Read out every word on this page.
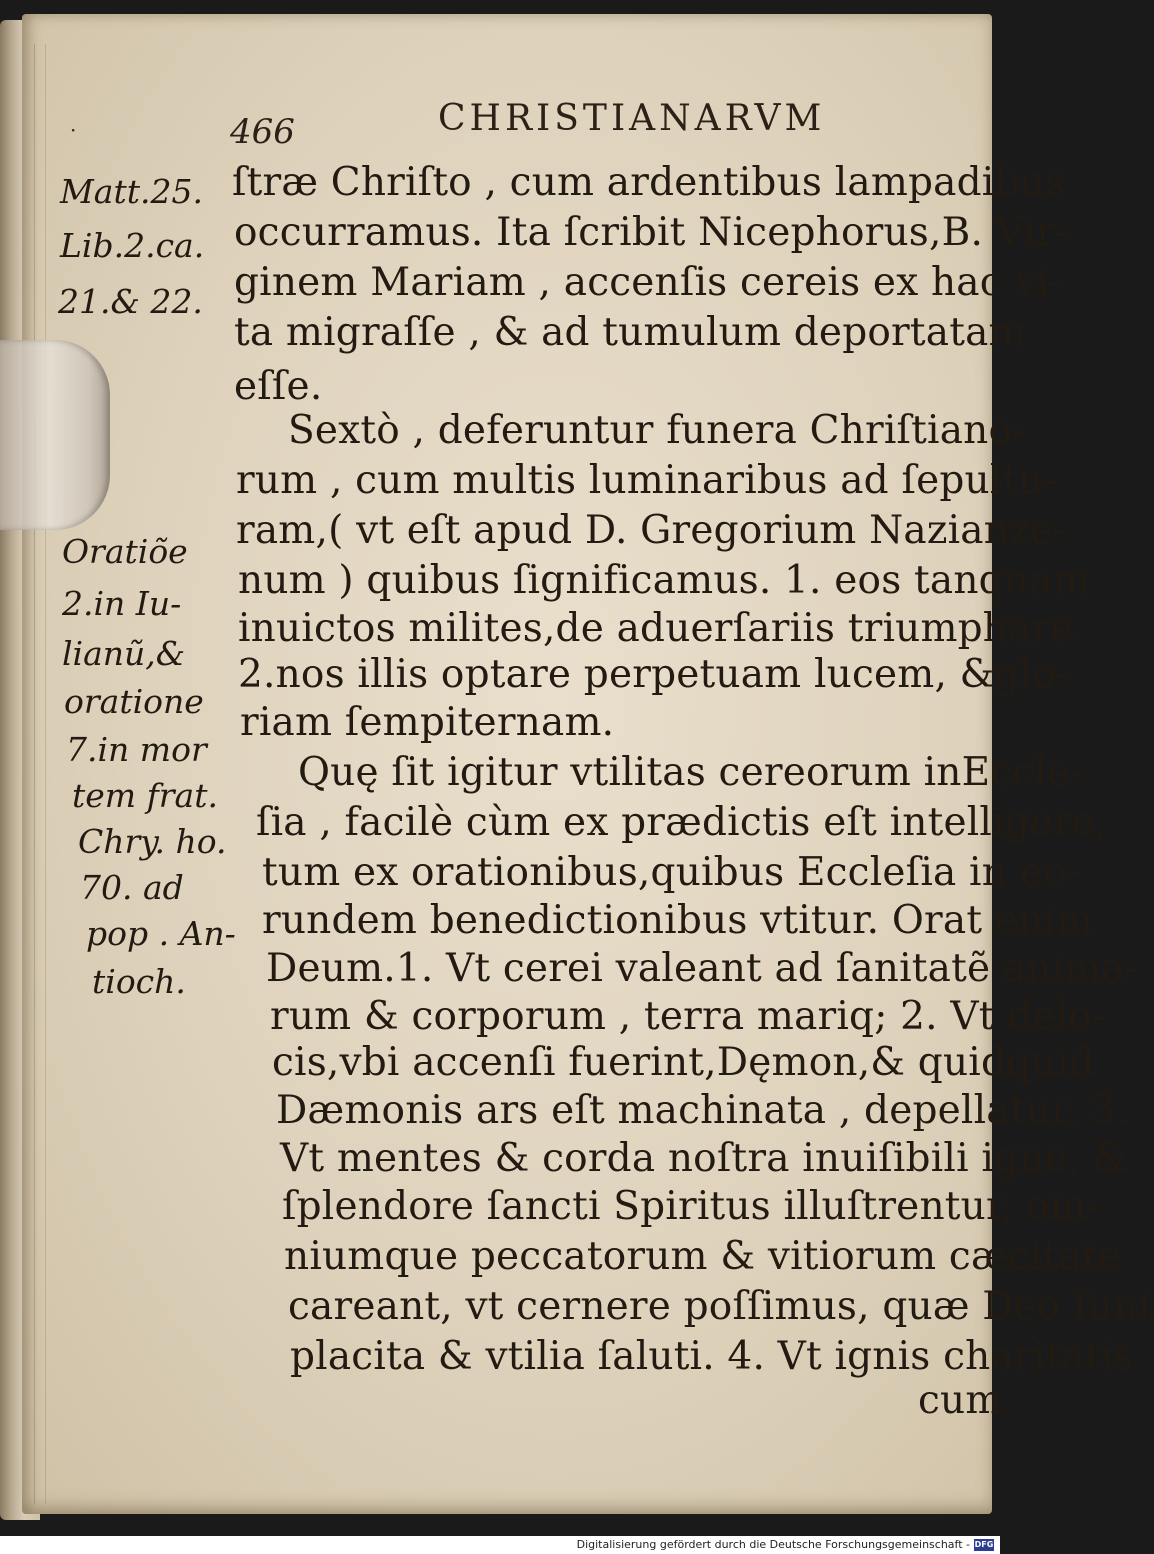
·	466	CHRISTIANARVM
ſtræ Chriſto , cum ardentibus lampadibus
occurramus. Ita ſcribit Nicephorus,B. Vir-
ginem Mariam , accenſis cereis ex hac vi-
ta migraſſe , & ad tumulum deportatam
eſſe.
Sextò , deferuntur funera Chriſtiano-
rum , cum multis luminaribus ad ſepultu-
ram,( vt eſt apud D. Gregorium Nazianze-
num ) quibus ſignificamus. 1. eos tanquam
inuictos milites,de aduerſariis triumphare.
2.nos illis optare perpetuam lucem, &glo-
riam ſempiternam.
Quę ſit igitur vtilitas cereorum inEccle-
ſia , facilè cùm ex prædictis eſt intelligere,
tum ex orationibus,quibus Eccleſia in eo-
rundem benedictionibus vtitur. Orat enim
Deum.1. Vt cerei valeant ad ſanitatẽ anima-
rum & corporum , terra mariq; 2. Vt delo-
cis,vbi accenſi fuerint,Dęmon,& quidquid
Dæmonis ars eſt machinata , depellatur. 3.
Vt mentes & corda noſtra inuiſibili igne, &
ſplendore ſancti Spiritus illuſtrentur, om-
niumque peccatorum & vitiorum cæcitate
careant, vt cernere poſſimus, quæ Deo ſunt
placita & vtilia ſaluti. 4. Vt ignis charitatis
cum
Matt.25.
Lib.2.ca.
21.& 22.
Oratiõe
2.in Iu-
lianũ,&
oratione
7.in mor
tem frat.
Chry. ho.
70. ad
pop . An-
tioch.
Digitalisierung gefördert durch die Deutsche Forschungsgemeinschaft - DFG
